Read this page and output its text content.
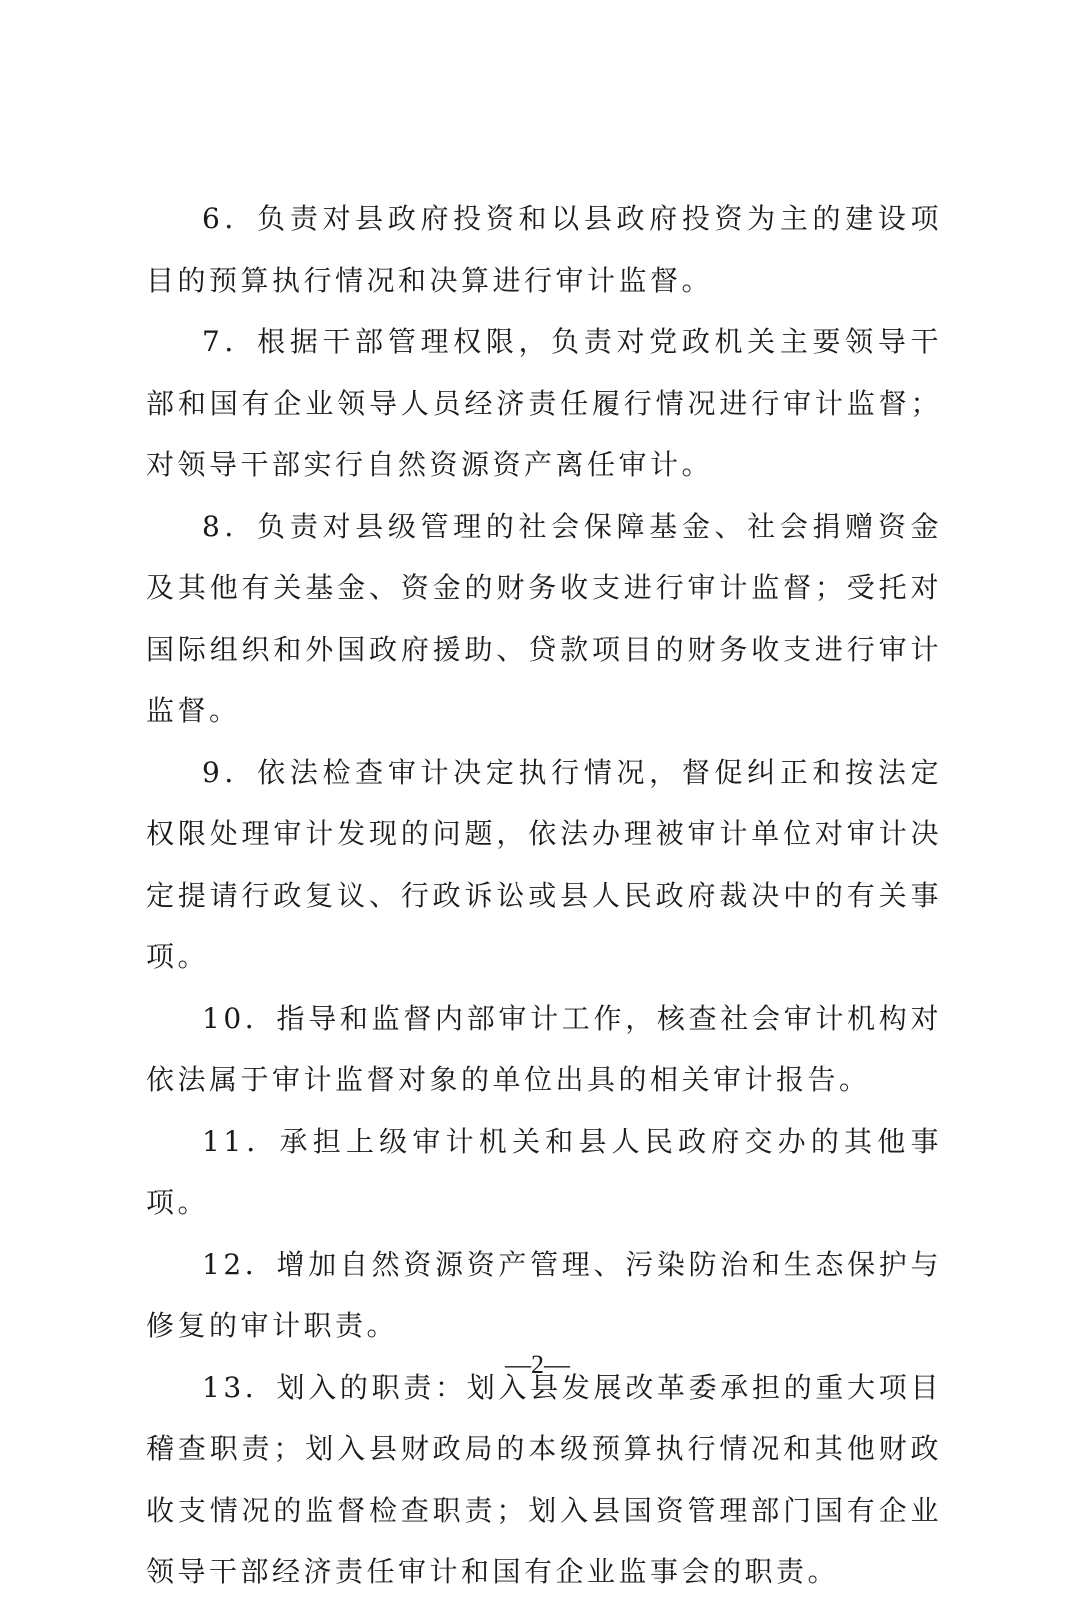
6．负责对县政府投资和以县政府投资为主的建设项目的预算执行情况和决算进行审计监督。

7．根据干部管理权限，负责对党政机关主要领导干部和国有企业领导人员经济责任履行情况进行审计监督；对领导干部实行自然资源资产离任审计。

8．负责对县级管理的社会保障基金、社会捐赠资金及其他有关基金、资金的财务收支进行审计监督；受托对国际组织和外国政府援助、贷款项目的财务收支进行审计监督。

9．依法检查审计决定执行情况，督促纠正和按法定权限处理审计发现的问题，依法办理被审计单位对审计决定提请行政复议、行政诉讼或县人民政府裁决中的有关事项。

10．指导和监督内部审计工作，核查社会审计机构对依法属于审计监督对象的单位出具的相关审计报告。

11．承担上级审计机关和县人民政府交办的其他事项。

12．增加自然资源资产管理、污染防治和生态保护与修复的审计职责。

13．划入的职责：划入县发展改革委承担的重大项目稽查职责；划入县财政局的本级预算执行情况和其他财政收支情况的监督检查职责；划入县国资管理部门国有企业领导干部经济责任审计和国有企业监事会的职责。

—2—
